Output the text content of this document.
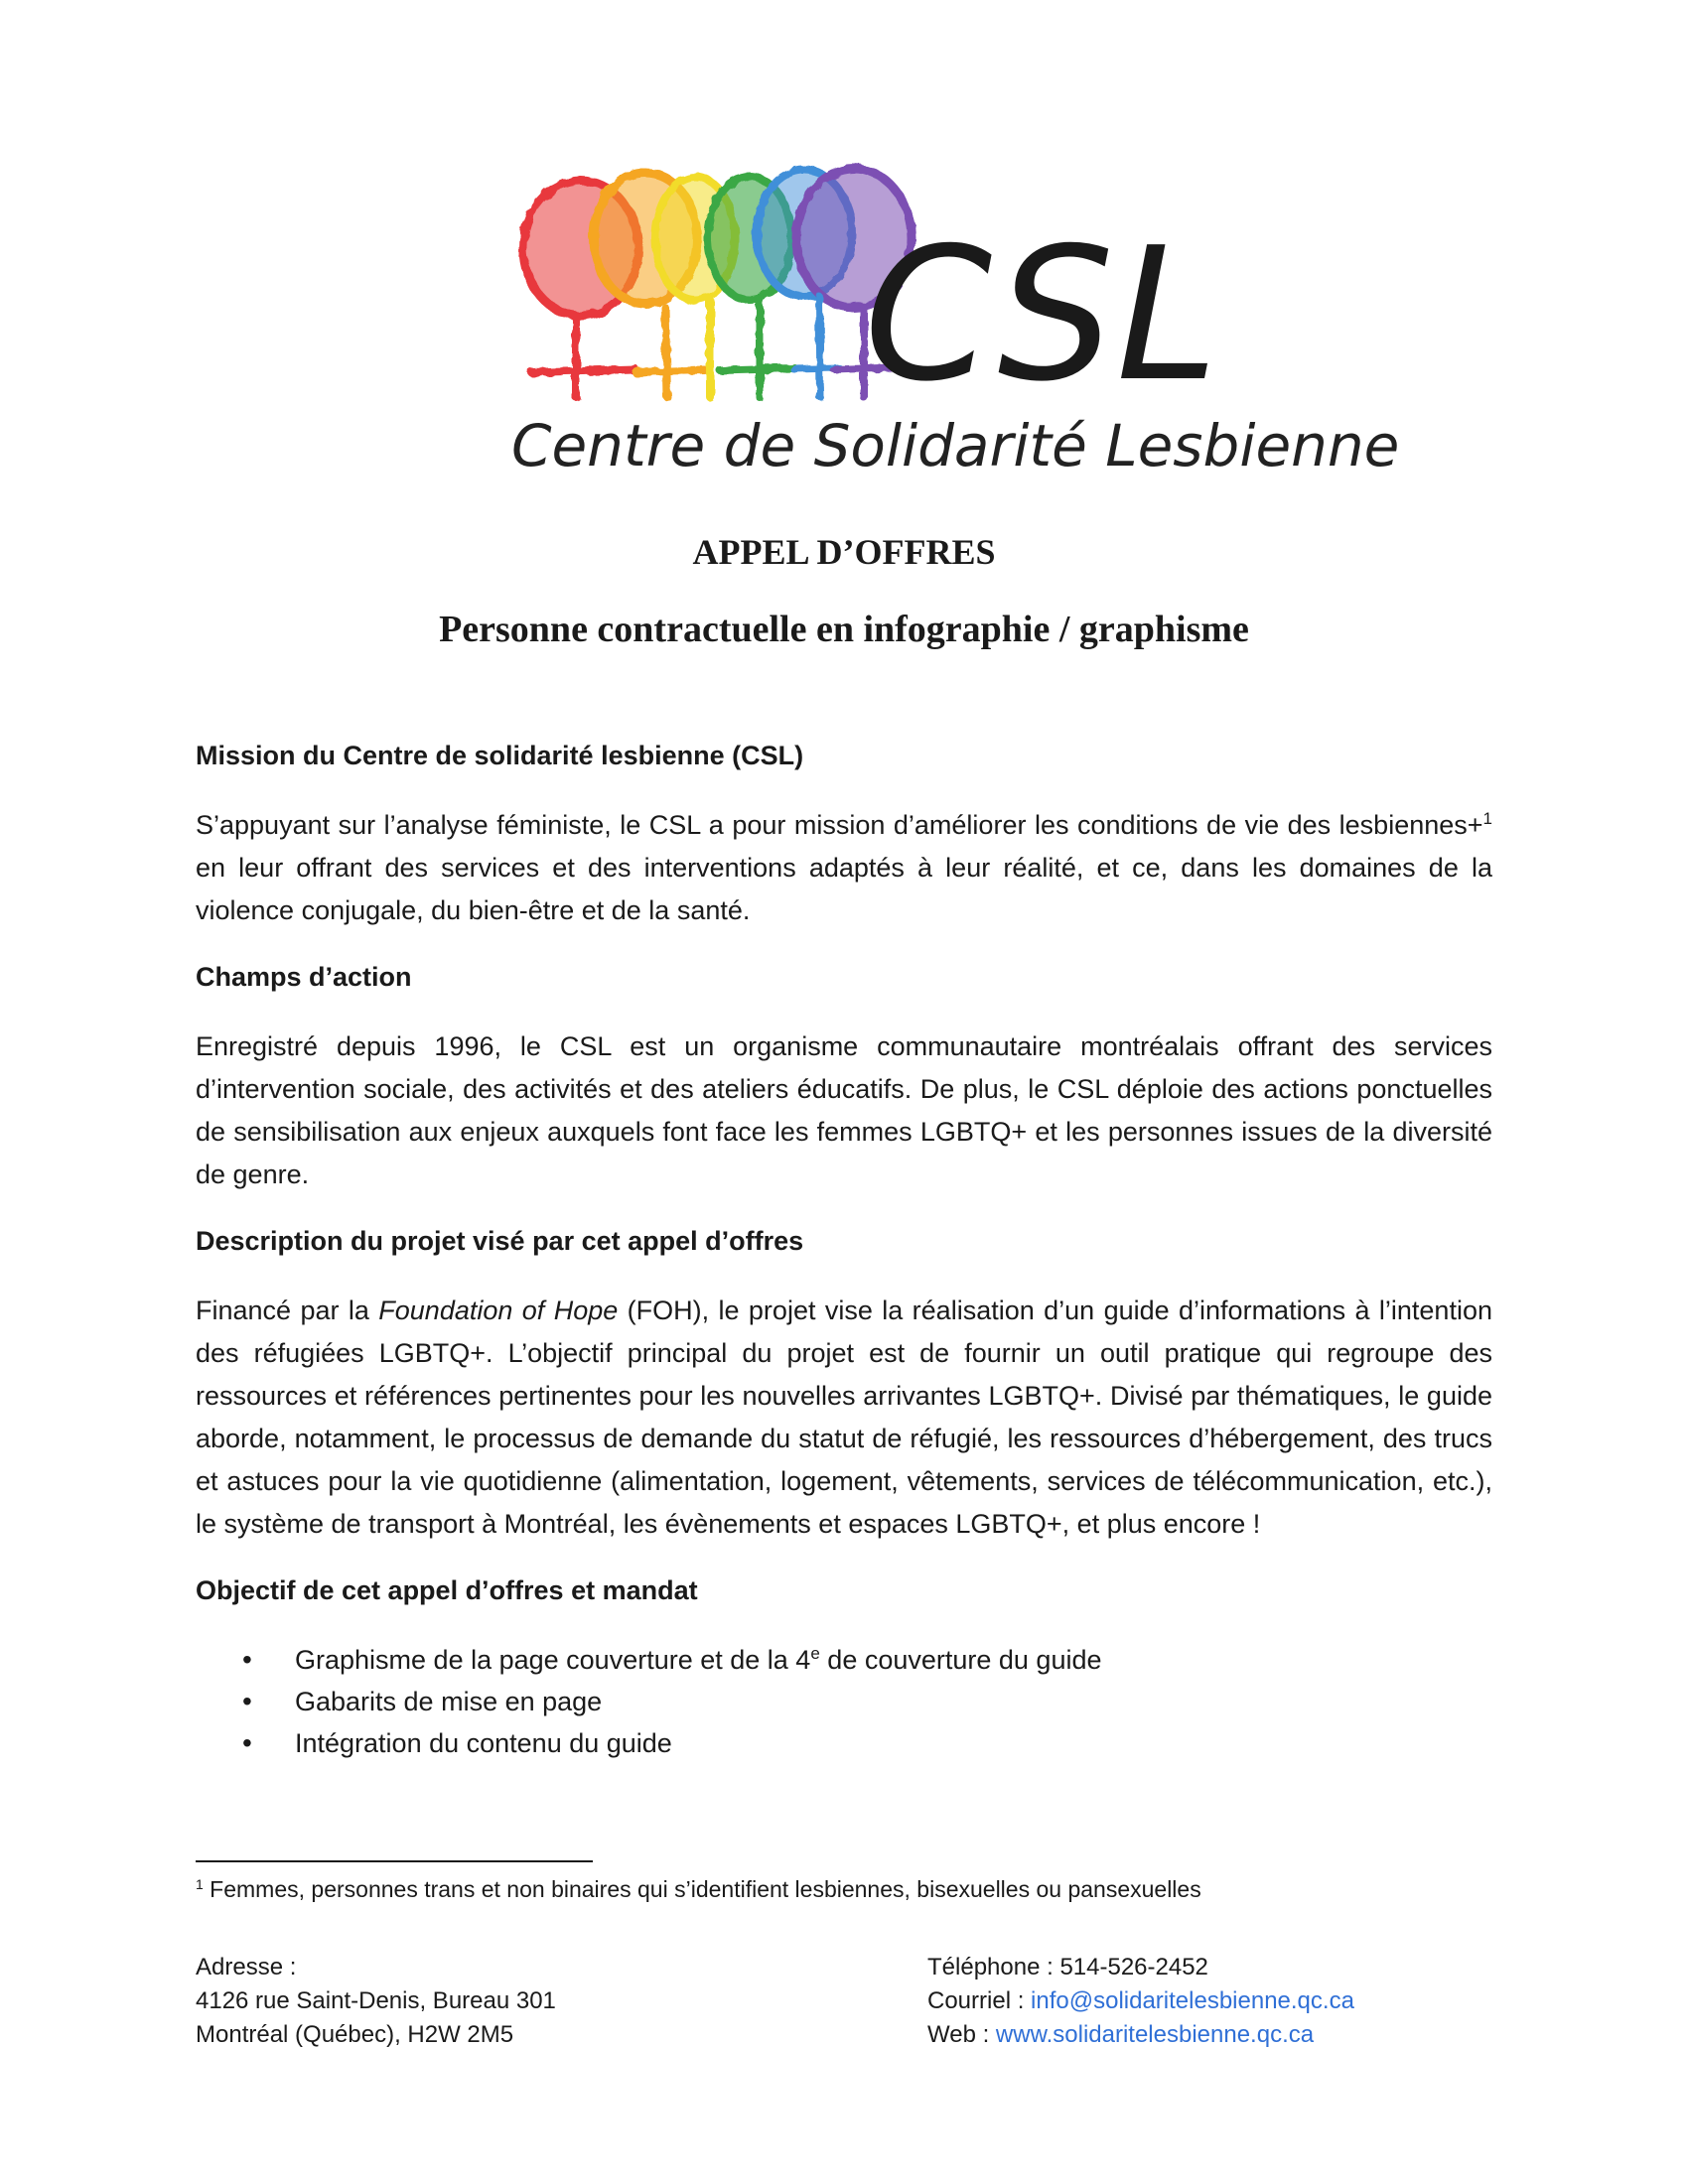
CSL
Centre de Solidarité Lesbienne
APPEL D’OFFRES
Personne contractuelle en infographie / graphisme
Mission du Centre de solidarité lesbienne (CSL)

S’appuyant sur l’analyse féministe, le CSL a pour mission d’améliorer les conditions de vie des lesbiennes+$^1$ en leur offrant des services et des interventions adaptés à leur réalité, et ce, dans les domaines de la violence conjugale, du bien-être et de la santé.

Champs d’action

Enregistré depuis 1996, le CSL est un organisme communautaire montréalais offrant des services d’intervention sociale, des activités et des ateliers éducatifs. De plus, le CSL déploie des actions ponctuelles de sensibilisation aux enjeux auxquels font face les femmes LGBTQ+ et les personnes issues de la diversité de genre.

Description du projet visé par cet appel d’offres

Financé par la Foundation of Hope (FOH), le projet vise la réalisation d’un guide d’informations à l’intention des réfugiées LGBTQ+. L’objectif principal du projet est de fournir un outil pratique qui regroupe des ressources et références pertinentes pour les nouvelles arrivantes LGBTQ+. Divisé par thématiques, le guide aborde, notamment, le processus de demande du statut de réfugié, les ressources d’hébergement, des trucs et astuces pour la vie quotidienne (alimentation, logement, vêtements, services de télécommunication, etc.), le système de transport à Montréal, les évènements et espaces LGBTQ+, et plus encore !

Objectif de cet appel d’offres et mandat
• Graphisme de la page couverture et de la 4e de couverture du guide
• Gabarits de mise en page
• Intégration du contenu du guide
$^1$ Femmes, personnes trans et non binaires qui s’identifient lesbiennes, bisexuelles ou pansexuelles
Adresse :
4126 rue Saint-Denis, Bureau 301
Montréal (Québec), H2W 2M5
Téléphone : 514-526-2452
Courriel : info@solidaritelesbienne.qc.ca
Web : www.solidaritelesbienne.qc.ca
